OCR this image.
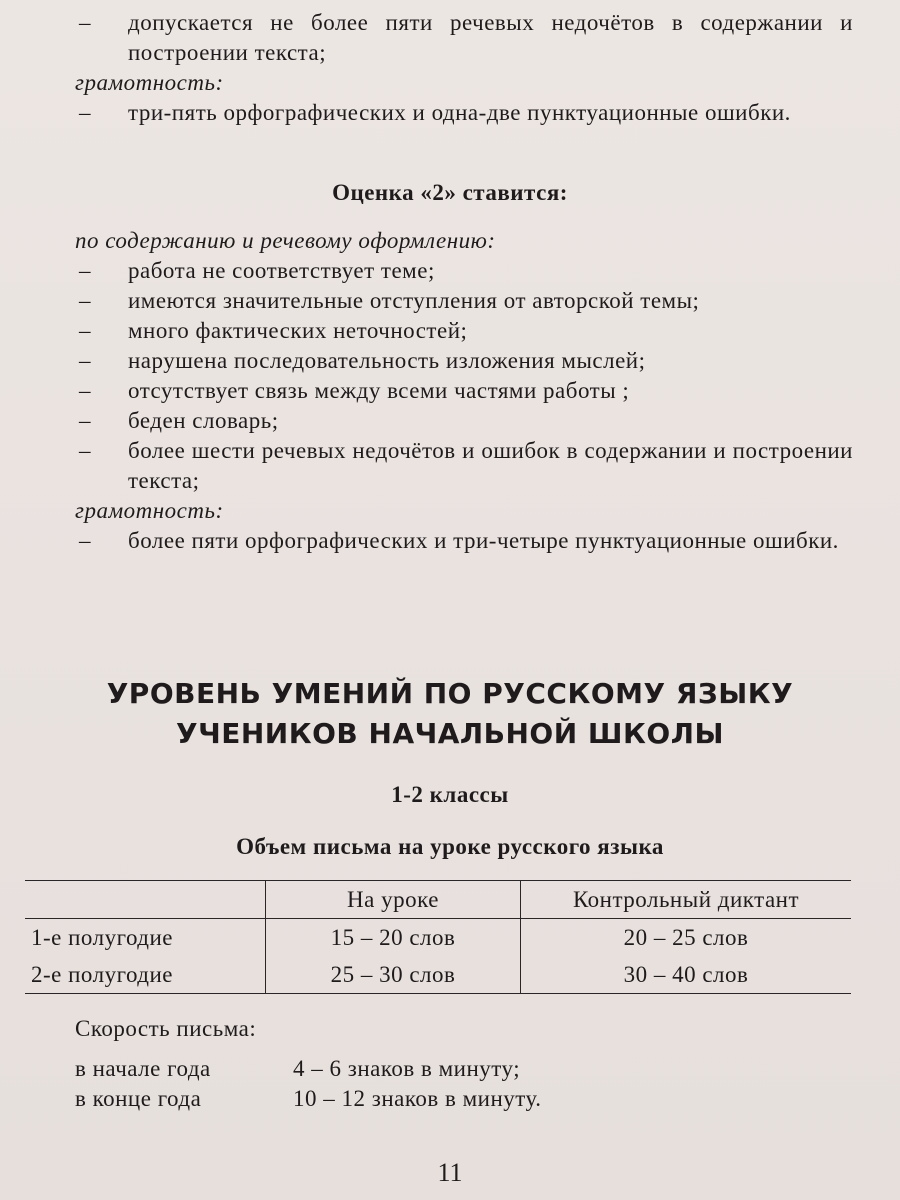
– допускается не более пяти речевых недочётов в содержании и построении текста;
грамотность:
– три-пять орфографических и одна-две пунктуационные ошибки.
Оценка «2» ставится:
по содержанию и речевому оформлению:
– работа не соответствует теме;
– имеются значительные отступления от авторской темы;
– много фактических неточностей;
– нарушена последовательность изложения мыслей;
– отсутствует связь между всеми частями работы ;
– беден словарь;
– более шести речевых недочётов и ошибок в содержании и построении текста;
грамотность:
– более пяти орфографических и три-четыре пунктуационные ошибки.
УРОВЕНЬ УМЕНИЙ ПО РУССКОМУ ЯЗЫКУ
УЧЕНИКОВ НАЧАЛЬНОЙ ШКОЛЫ
1-2 классы
Объем письма на уроке русского языка
	На уроке	Контрольный диктант
1-е полугодие	15 – 20 слов	20 – 25 слов
2-е полугодие	25 – 30 слов	30 – 40 слов
Скорость письма:
в начале года	4 – 6 знаков в минуту;
в конце года	10 – 12 знаков в минуту.
11
